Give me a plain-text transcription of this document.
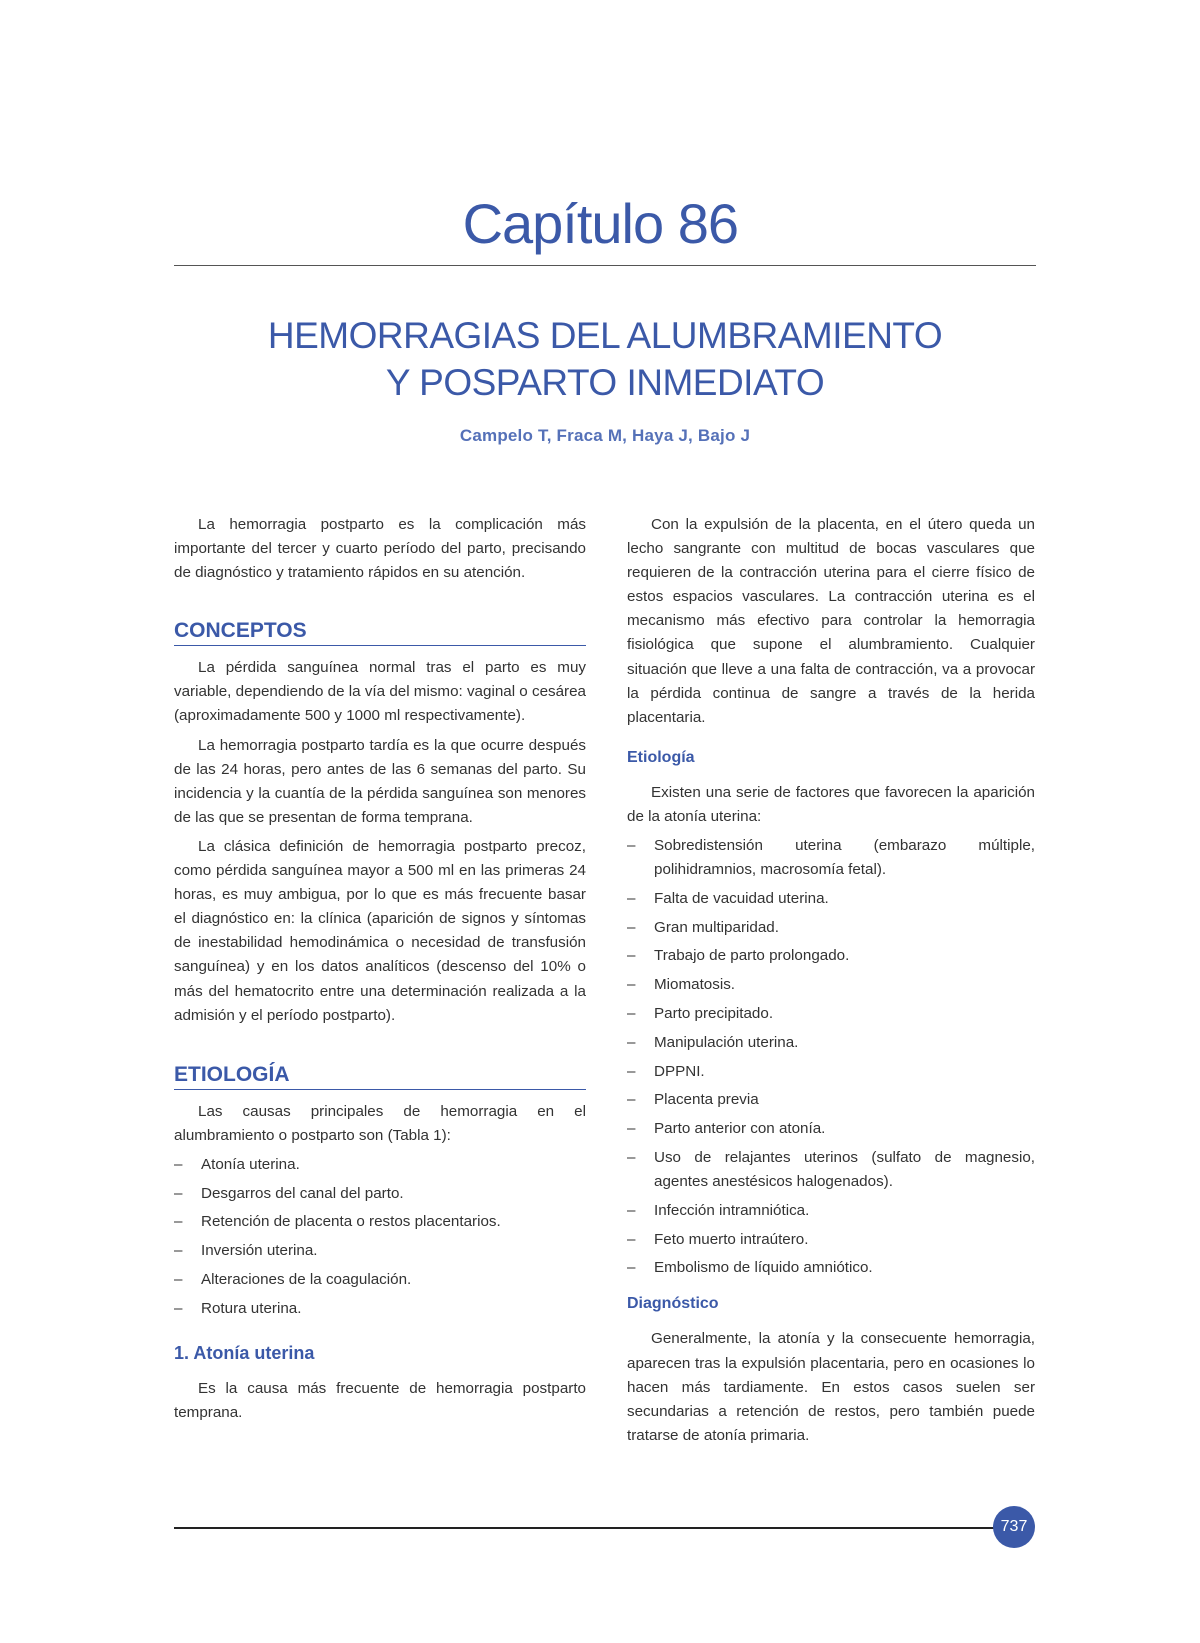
Capítulo 86
HEMORRAGIAS DEL ALUMBRAMIENTO
Y POSPARTO INMEDIATO
Campelo T, Fraca M, Haya J, Bajo J

La hemorragia postparto es la complicación más importante del tercer y cuarto período del parto, precisando de diagnóstico y tratamiento rápidos en su atención.

CONCEPTOS

La pérdida sanguínea normal tras el parto es muy variable, dependiendo de la vía del mismo: vaginal o cesárea (aproximadamente 500 y 1000 ml respectivamente).

La hemorragia postparto tardía es la que ocurre después de las 24 horas, pero antes de las 6 semanas del parto. Su incidencia y la cuantía de la pérdida sanguínea son menores de las que se presentan de forma temprana.

La clásica definición de hemorragia postparto precoz, como pérdida sanguínea mayor a 500 ml en las primeras 24 horas, es muy ambigua, por lo que es más frecuente basar el diagnóstico en: la clínica (aparición de signos y síntomas de inestabilidad hemodinámica o necesidad de transfusión sanguínea) y en los datos analíticos (descenso del 10% o más del hematocrito entre una determinación realizada a la admisión y el período postparto).

ETIOLOGÍA

Las causas principales de hemorragia en el alumbramiento o postparto son (Tabla 1):

– Atonía uterina.
– Desgarros del canal del parto.
– Retención de placenta o restos placentarios.
– Inversión uterina.
– Alteraciones de la coagulación.
– Rotura uterina.
1. Atonía uterina

Es la causa más frecuente de hemorragia postparto temprana.

Con la expulsión de la placenta, en el útero queda un lecho sangrante con multitud de bocas vasculares que requieren de la contracción uterina para el cierre físico de estos espacios vasculares. La contracción uterina es el mecanismo más efectivo para controlar la hemorragia fisiológica que supone el alumbramiento. Cualquier situación que lleve a una falta de contracción, va a provocar la pérdida continua de sangre a través de la herida placentaria.

Etiología

Existen una serie de factores que favorecen la aparición de la atonía uterina:

– Sobredistensión uterina (embarazo múltiple, polihidramnios, macrosomía fetal).
– Falta de vacuidad uterina.
– Gran multiparidad.
– Trabajo de parto prolongado.
– Miomatosis.
– Parto precipitado.
– Manipulación uterina.
– DPPNI.
– Placenta previa
– Parto anterior con atonía.
– Uso de relajantes uterinos (sulfato de magnesio, agentes anestésicos halogenados).
– Infección intramniótica.
– Feto muerto intraútero.
– Embolismo de líquido amniótico.
Diagnóstico

Generalmente, la atonía y la consecuente hemorragia, aparecen tras la expulsión placentaria, pero en ocasiones lo hacen más tardiamente. En estos casos suelen ser secundarias a retención de restos, pero también puede tratarse de atonía primaria.

737
